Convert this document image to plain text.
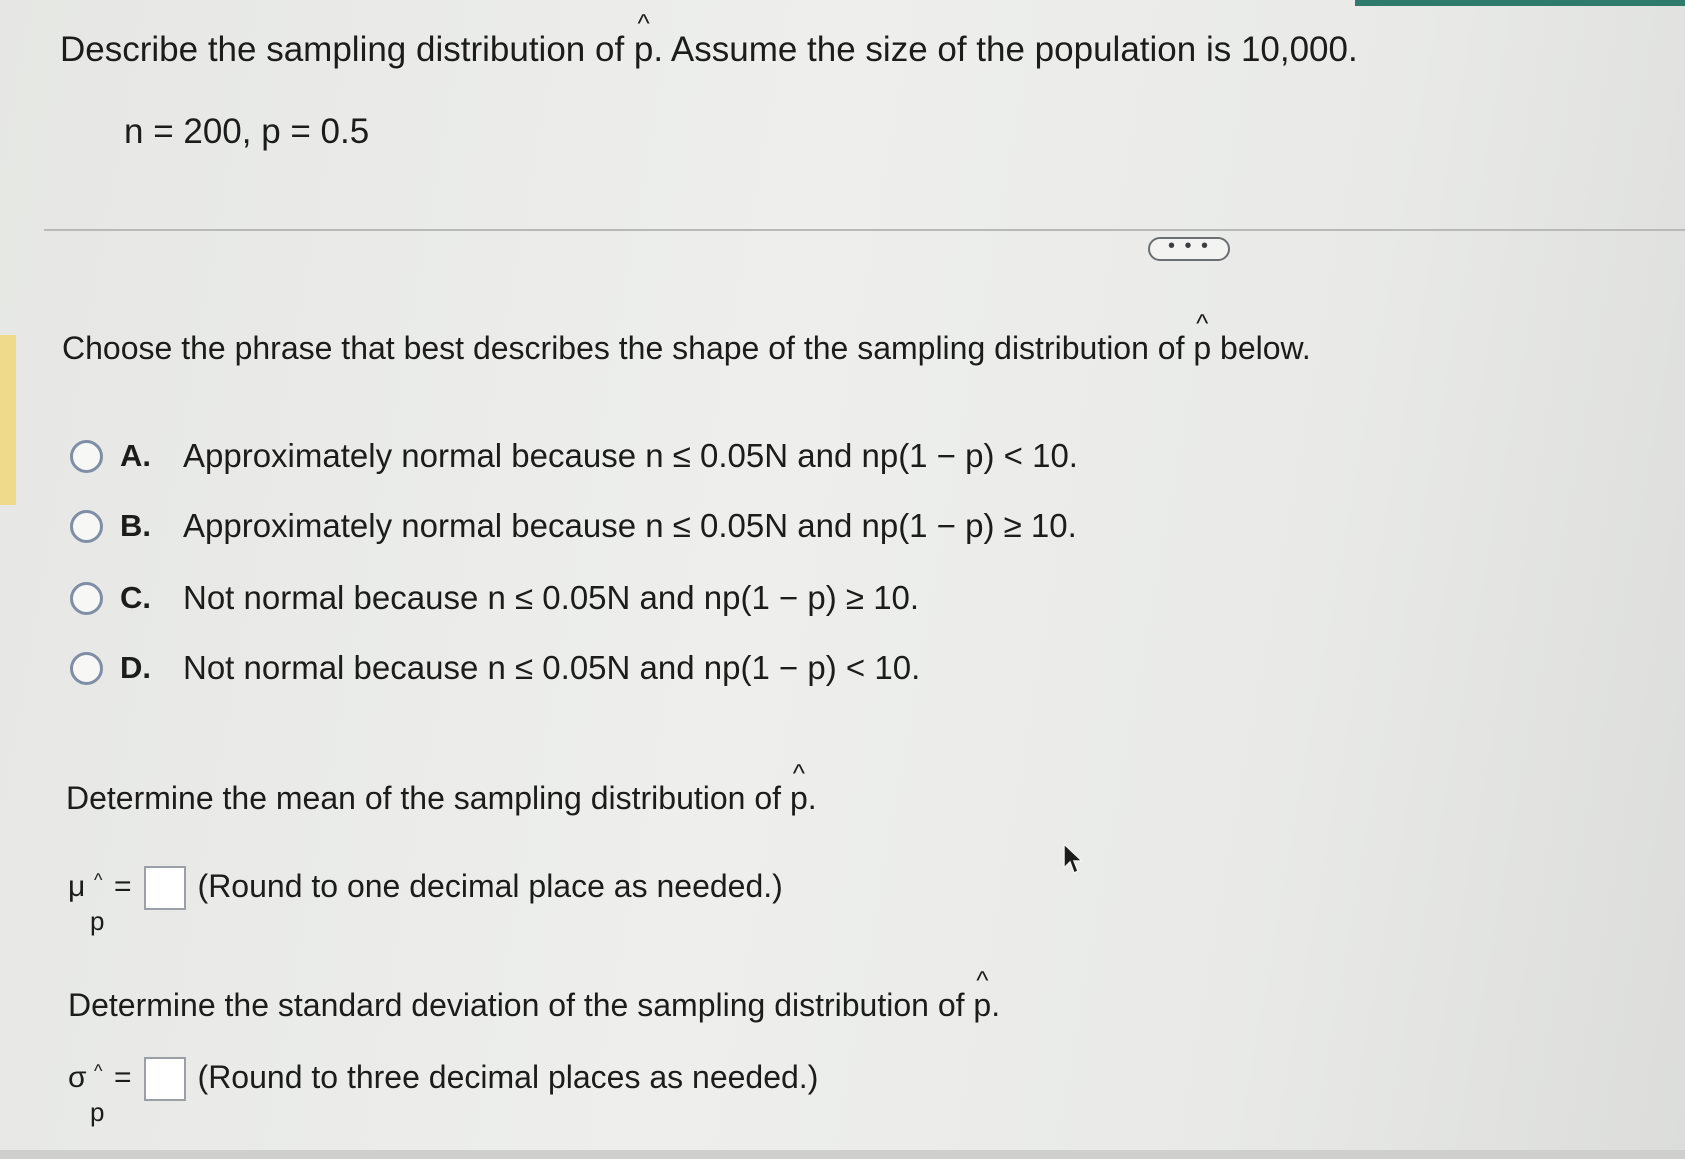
Describe the sampling distribution of ^ p. Assume the size of the population is 10,000.
n = 200, p = 0.5
• • •
Choose the phrase that best describes the shape of the sampling distribution of ^ p below.
A. Approximately normal because n ≤ 0.05N and np(1 − p) < 10.
B. Approximately normal because n ≤ 0.05N and np(1 − p) ≥ 10.
C. Not normal because n ≤ 0.05N and np(1 − p) ≥ 10.
D. Not normal because n ≤ 0.05N and np(1 − p) < 10.
Determine the mean of the sampling distribution of ^ p.
μ ^
p
= (Round to one decimal place as needed.)
Determine the standard deviation of the sampling distribution of ^ p.
σ ^
p
= (Round to three decimal places as needed.)
